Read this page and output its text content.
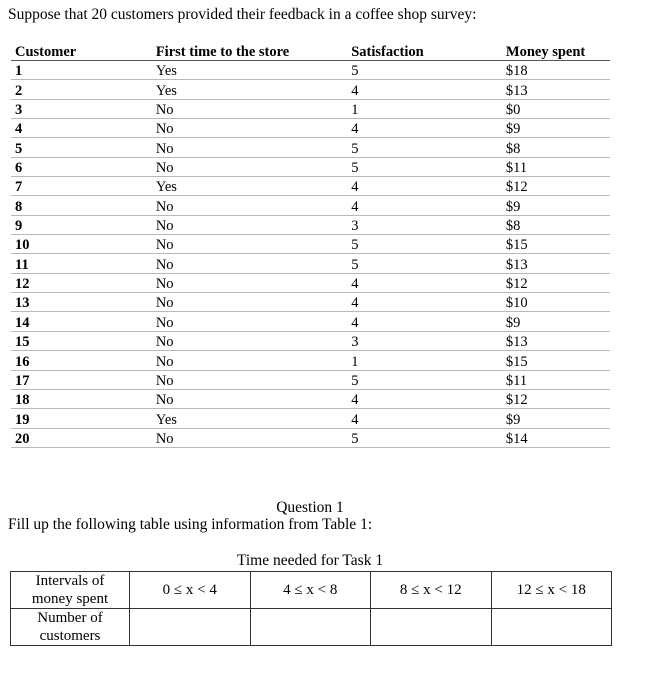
Suppose that 20 customers provided their feedback in a coffee shop survey:
Customer	First time to the store	Satisfaction	Money spent
1	Yes	5	$18
2	Yes	4	$13
3	No	1	$0
4	No	4	$9
5	No	5	$8
6	No	5	$11
7	Yes	4	$12
8	No	4	$9
9	No	3	$8
10	No	5	$15
11	No	5	$13
12	No	4	$12
13	No	4	$10
14	No	4	$9
15	No	3	$13
16	No	1	$15
17	No	5	$11
18	No	4	$12
19	Yes	4	$9
20	No	5	$14
Question 1
Fill up the following table using information from Table 1:
Time needed for Task 1
Intervals of
money spent	0 ≤ x < 4	4 ≤ x < 8	8 ≤ x < 12	12 ≤ x < 18

Number of
customers				
